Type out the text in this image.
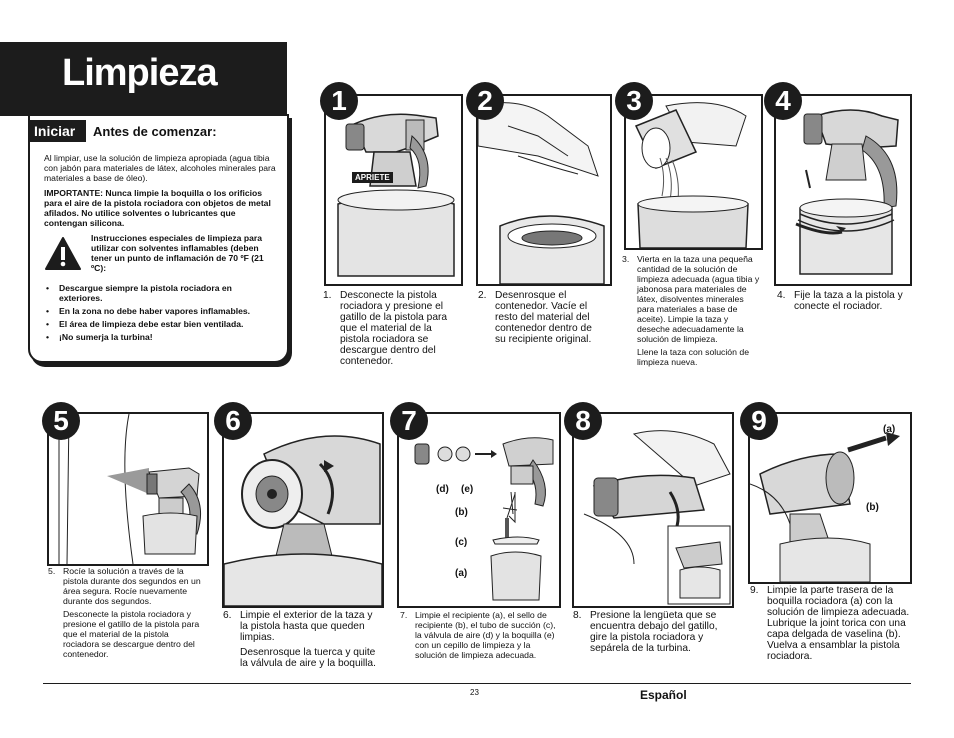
Limpieza
Iniciar	Antes de comenzar:
Al limpiar, use la solución de limpieza apropiada (agua tibia con jabón para materiales de látex, alcoholes minerales para materiales a base de óleo).
IMPORTANTE: Nunca limpie la boquilla o los orificios para el aire de la pistola rociadora con objetos de metal afilados. No utilice solventes o lubricantes que contengan silicona.
Instrucciones especiales de limpieza para utilizar con solventes inflamables (deben tener un punto de inflamación de 70 ºF (21 ºC):
• Descargue siempre la pistola rociadora en exteriores.
• En la zona no debe haber vapores inflamables.
• El área de limpieza debe estar bien ventilada.
• ¡No sumerja la turbina!
APRIETE
1
1. Desconecte la pistola rociadora y presione el gatillo de la pistola para que el material de la pistola rociadora se descargue dentro del contenedor.

2
2. Desenrosque el contenedor. Vacíe el resto del material del contenedor dentro de su recipiente original.

3
3. Vierta en la taza una pequeña cantidad de la solución de limpieza adecuada (agua tibia y jabonosa para materiales de látex, disolventes minerales para materiales a base de aceite). Limpie la taza y deseche adecuadamente la solución de limpieza.

Llene la taza con solución de limpieza nueva.

4
4. Fije la taza a la pistola y conecte el rociador.

5
5. Rocíe la solución a través de la pistola durante dos segundos en un área segura. Rocíe nuevamente durante dos segundos.

Desconecte la pistola rociadora y presione el gatillo de la pistola para que el material de la pistola rociadora se descargue dentro del contenedor.

6
6. Limpie el exterior de la taza y la pistola hasta que queden limpias.

Desenrosque la tuerca y quite la válvula de aire y la boquilla.

(d) (e)
(b)
(c)
(a)
7
7. Limpie el recipiente (a), el sello de recipiente (b), el tubo de succión (c), la válvula de aire (d) y la boquilla (e) con un cepillo de limpieza y la solución de limpieza adecuada.

8
8. Presione la lengüeta que se encuentra debajo del gatillo, gire la pistola rociadora y sepárela de la turbina.

(a)
(b)
9
9. Limpie la parte trasera de la boquilla rociadora (a) con la solución de limpieza adecuada. Lubrique la joint torica con una capa delgada de vaselina (b). Vuelva a ensamblar la pistola rociadora.

23	Español
